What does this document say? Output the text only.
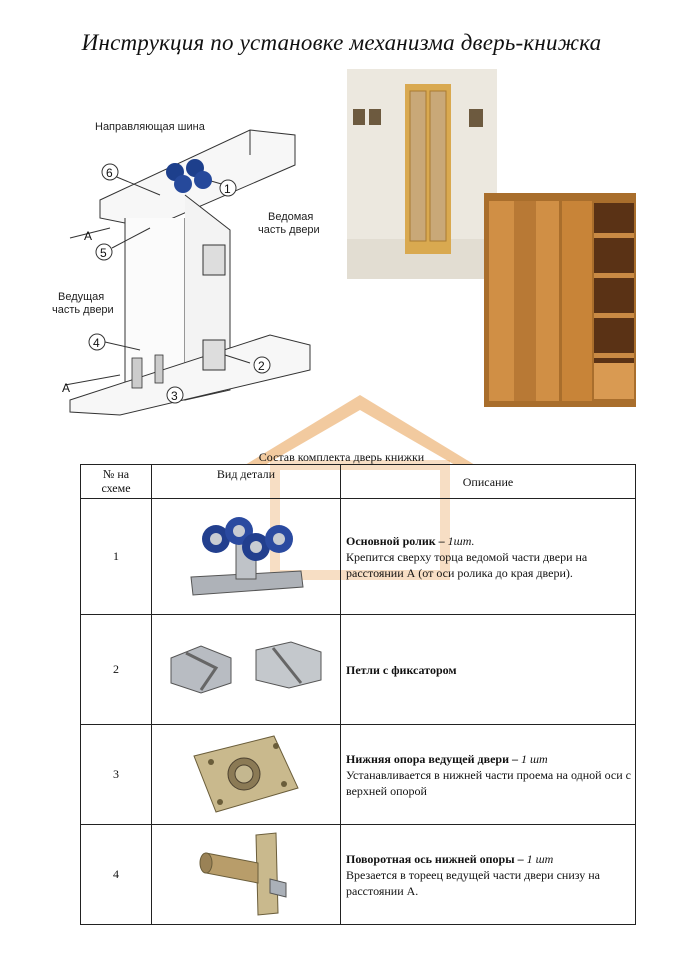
Инструкция по установке механизма дверь-книжка
Направляющая шина
Ведомая
часть двери
Ведущая
часть двери
1
2
3
4
5
6
А
А
Состав комплекта дверь книжки
№ на
схеме	Вид детали	Описание
1		Основной ролик – 1шт.
Крепится сверху торца ведомой части двери на расстоянии А (от оси ролика до края двери).
2		Петли с фиксатором
3		Нижняя опора ведущей двери – 1 шт
Устанавливается в нижней части проема на одной оси с верхней опорой
4		Поворотная ось нижней опоры – 1 шт
Врезается в тореец ведущей части двери снизу на расстоянии А.
